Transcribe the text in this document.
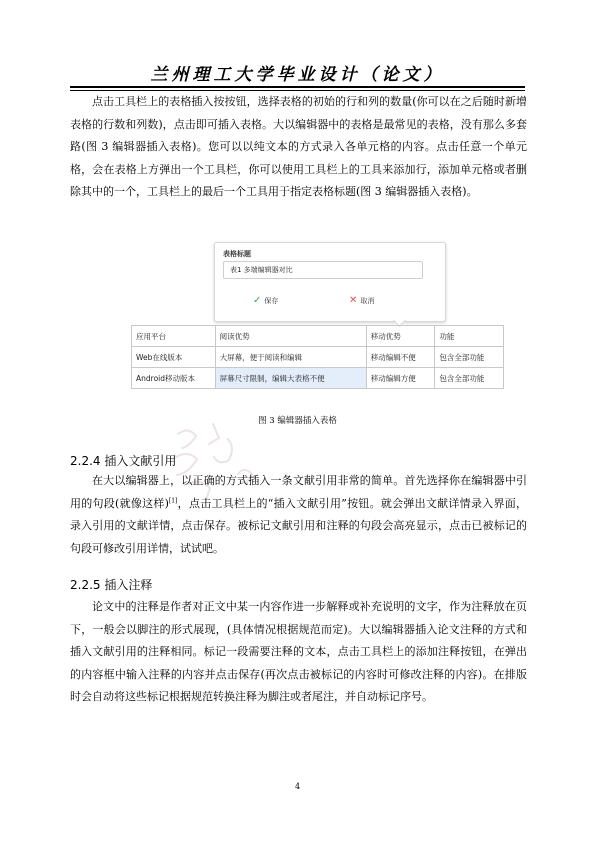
兰州理工大学毕业设计（论文）

点击工具栏上的表格插入按按钮，选择表格的初始的行和列的数量(你可以在之后随时新增表格的行数和列数)，点击即可插入表格。大以编辑器中的表格是最常见的表格，没有那么多套路(图 3 编辑器插入表格)。您可以以纯文本的方式录入各单元格的内容。点击任意一个单元格，会在表格上方弹出一个工具栏，你可以使用工具栏上的工具来添加行，添加单元格或者删除其中的一个，工具栏上的最后一个工具用于指定表格标题(图 3 编辑器插入表格)。

表格标题
表1 多端编辑器对比
✓ 保存	✕ 取消
应用平台	阅读优势	移动优势	功能
Web在线版本	大屏幕，便于阅读和编辑	移动编辑不便	包含全部功能
Android移动版本	屏幕尺寸限制，编辑大表格不便	移动编辑方便	包含全部功能
图 3 编辑器插入表格
2.2.4 插入文献引用

在大以编辑器上，以正确的方式插入一条文献引用非常的简单。首先选择你在编辑器中引用的句段(就像这样)[1]，点击工具栏上的“插入文献引用”按钮。就会弹出文献详情录入界面，录入引用的文献详情，点击保存。被标记文献引用和注释的句段会高亮显示，点击已被标记的句段可修改引用详情，试试吧。

2.2.5 插入注释

论文中的注释是作者对正文中某一内容作进一步解释或补充说明的文字，作为注释放在页下，一般会以脚注的形式展现，(具体情况根据规范而定)。大以编辑器插入论文注释的方式和插入文献引用的注释相同。标记一段需要注释的文本，点击工具栏上的添加注释按钮，在弹出的内容框中输入注释的内容并点击保存(再次点击被标记的内容时可修改注释的内容)。在排版时会自动将这些标记根据规范转换注释为脚注或者尾注，并自动标记序号。

4
